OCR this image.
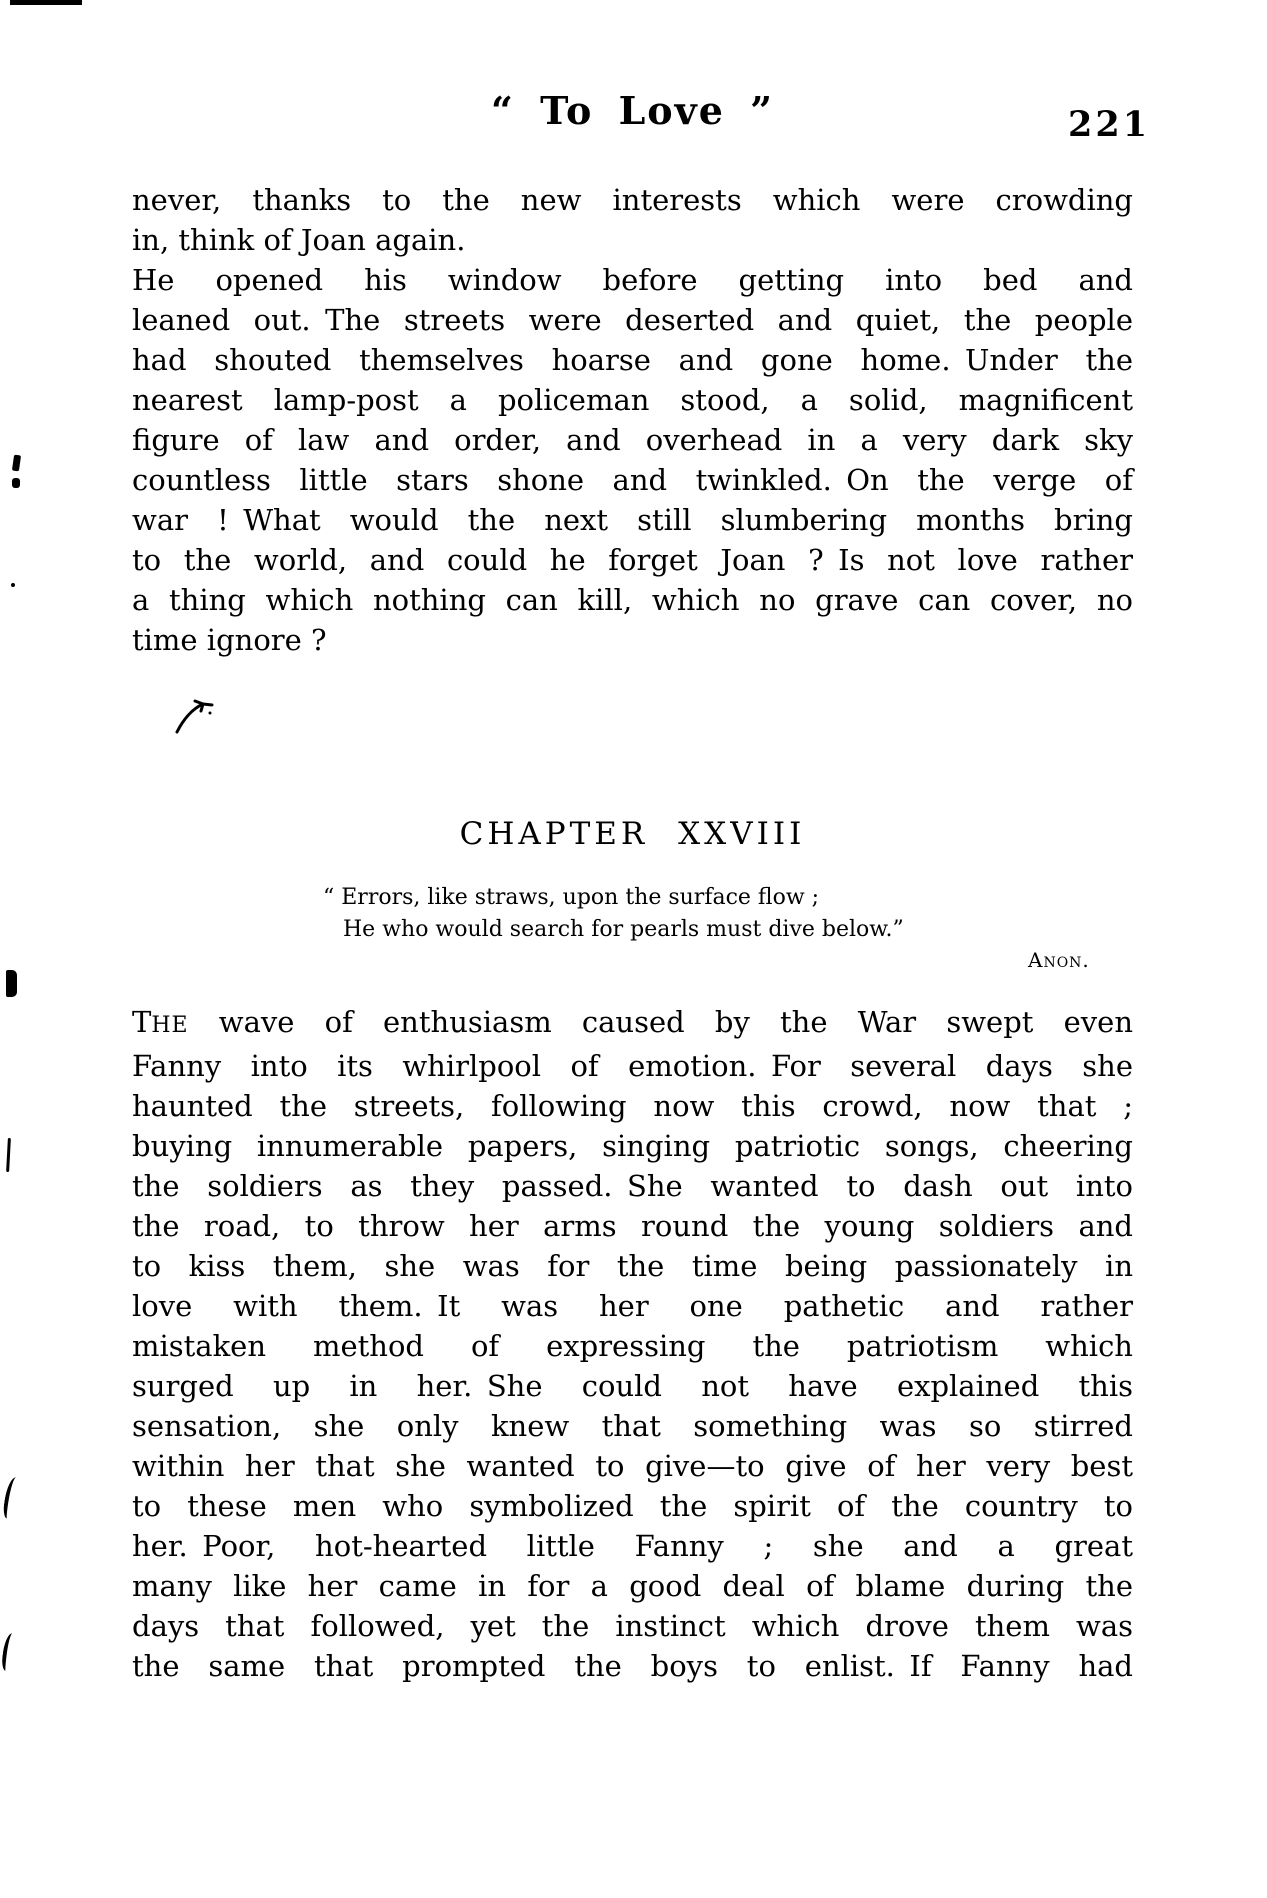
“ To Love ”	221
never, thanks to the new interests which were crowding
in, think of Joan again.
He opened his window before getting into bed and
leaned out. The streets were deserted and quiet, the people
had shouted themselves hoarse and gone home. Under the
nearest lamp-post a policeman stood, a solid, magnificent
figure of law and order, and overhead in a very dark sky
countless little stars shone and twinkled. On the verge of
war ! What would the next still slumbering months bring
to the world, and could he forget Joan ? Is not love rather
a thing which nothing can kill, which no grave can cover, no
time ignore ?
CHAPTER XXVIII
“ Errors, like straws, upon the surface flow ;
He who would search for pearls must dive below.”
Anon.
THE wave of enthusiasm caused by the War swept even
Fanny into its whirlpool of emotion. For several days she
haunted the streets, following now this crowd, now that ;
buying innumerable papers, singing patriotic songs, cheering
the soldiers as they passed. She wanted to dash out into
the road, to throw her arms round the young soldiers and
to kiss them, she was for the time being passionately in
love with them. It was her one pathetic and rather
mistaken method of expressing the patriotism which
surged up in her. She could not have explained this
sensation, she only knew that something was so stirred
within her that she wanted to give—to give of her very best
to these men who symbolized the spirit of the country to
her. Poor, hot-hearted little Fanny ; she and a great
many like her came in for a good deal of blame during the
days that followed, yet the instinct which drove them was
the same that prompted the boys to enlist. If Fanny had
